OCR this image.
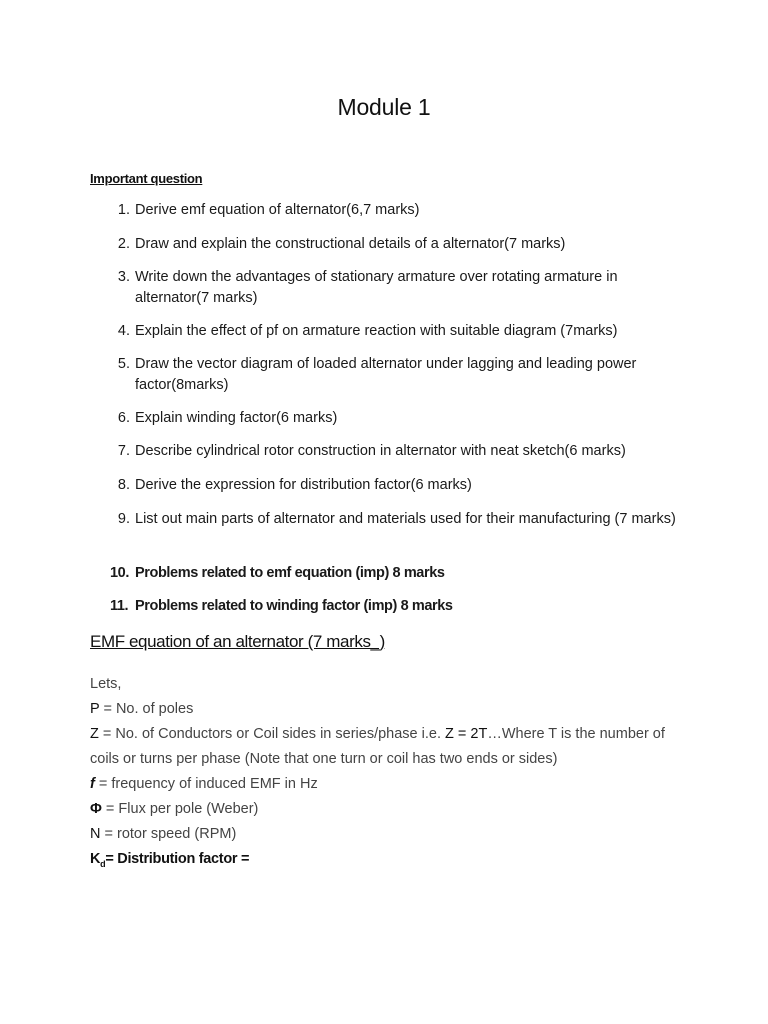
Module 1
Important question
1. Derive emf equation of alternator(6,7 marks)
2. Draw and explain the constructional details of a alternator(7 marks)
3. Write down the advantages of stationary armature over rotating armature in alternator(7 marks)
4. Explain the effect of pf on armature reaction with suitable diagram (7marks)
5. Draw the vector diagram of loaded alternator under lagging and leading power factor(8marks)
6. Explain winding factor(6 marks)
7. Describe cylindrical rotor construction in alternator with neat sketch(6 marks)
8. Derive the expression for distribution factor(6 marks)
9. List out main parts of alternator and materials used for their manufacturing (7 marks)
10. Problems related to emf equation (imp) 8 marks
11. Problems related to winding factor (imp) 8 marks
EMF equation of an alternator (7 marks_)
Lets,
P = No. of poles
Z = No. of Conductors or Coil sides in series/phase i.e. Z = 2T…Where T is the number of coils or turns per phase (Note that one turn or coil has two ends or sides)
f = frequency of induced EMF in Hz
Φ = Flux per pole (Weber)
N = rotor speed (RPM)
$K_d=$ Distribution factor =
